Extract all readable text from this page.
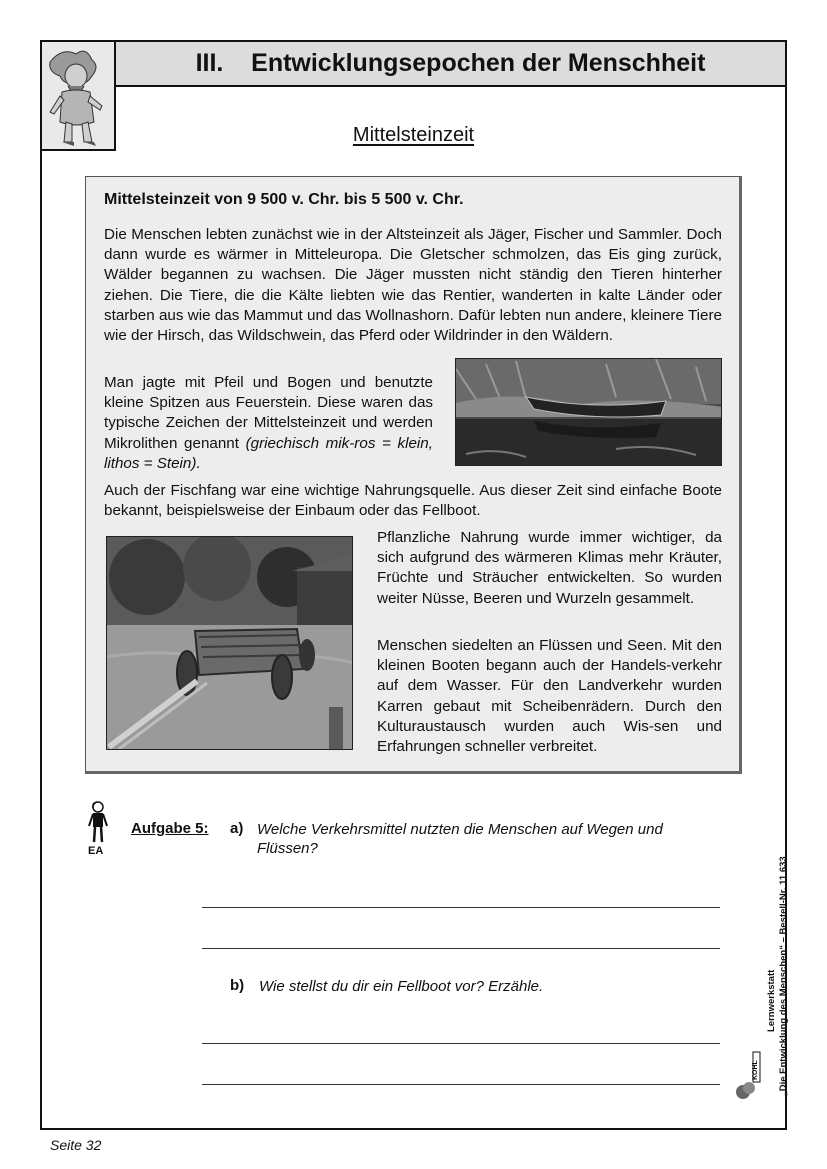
III.    Entwicklungsepochen der Menschheit
Mittelsteinzeit
Mittelsteinzeit von 9 500 v. Chr. bis 5 500 v. Chr.
Die Menschen lebten zunächst wie in der Altsteinzeit als Jäger, Fischer und Sammler. Doch dann wurde es wärmer in Mitteleuropa. Die Gletscher schmolzen, das Eis ging zurück, Wälder begannen zu wachsen. Die Jäger mussten nicht ständig den Tieren hinterher ziehen. Die Tiere, die die Kälte liebten wie das Rentier, wanderten in kalte Länder oder starben aus wie das Mammut und das Wollnashorn. Dafür lebten nun andere, kleinere Tiere wie der Hirsch, das Wildschwein, das Pferd oder Wildrinder in den Wäldern.
Man jagte mit Pfeil und Bogen und benutzte kleine Spitzen aus Feuerstein. Diese waren das typische Zeichen der Mittelsteinzeit und werden Mikrolithen genannt (griechisch mik-ros = klein, lithos = Stein).
Auch der Fischfang war eine wichtige Nahrungsquelle. Aus dieser Zeit sind einfache Boote bekannt, beispielsweise der Einbaum oder das Fellboot.
Pflanzliche Nahrung wurde immer wichtiger, da sich aufgrund des wärmeren Klimas mehr Kräuter, Früchte und Sträucher entwickelten. So wurden weiter Nüsse, Beeren und Wurzeln gesammelt.
Menschen siedelten an Flüssen und Seen. Mit den kleinen Booten begann auch der Handels-verkehr auf dem Wasser. Für den Landverkehr wurden Karren gebaut mit Scheibenrädern. Durch den Kulturaustausch wurden auch Wis-sen und Erfahrungen schneller verbreitet.
EA
Aufgabe 5: a) Welche Verkehrsmittel nutzten die Menschen auf Wegen und Flüssen?
b) Wie stellst du dir ein Fellboot vor? Erzähle.	Lernwerkstatt „Die Entwicklung des Menschen“ – Bestell-Nr. 11 633
KOHL
Seite 32
